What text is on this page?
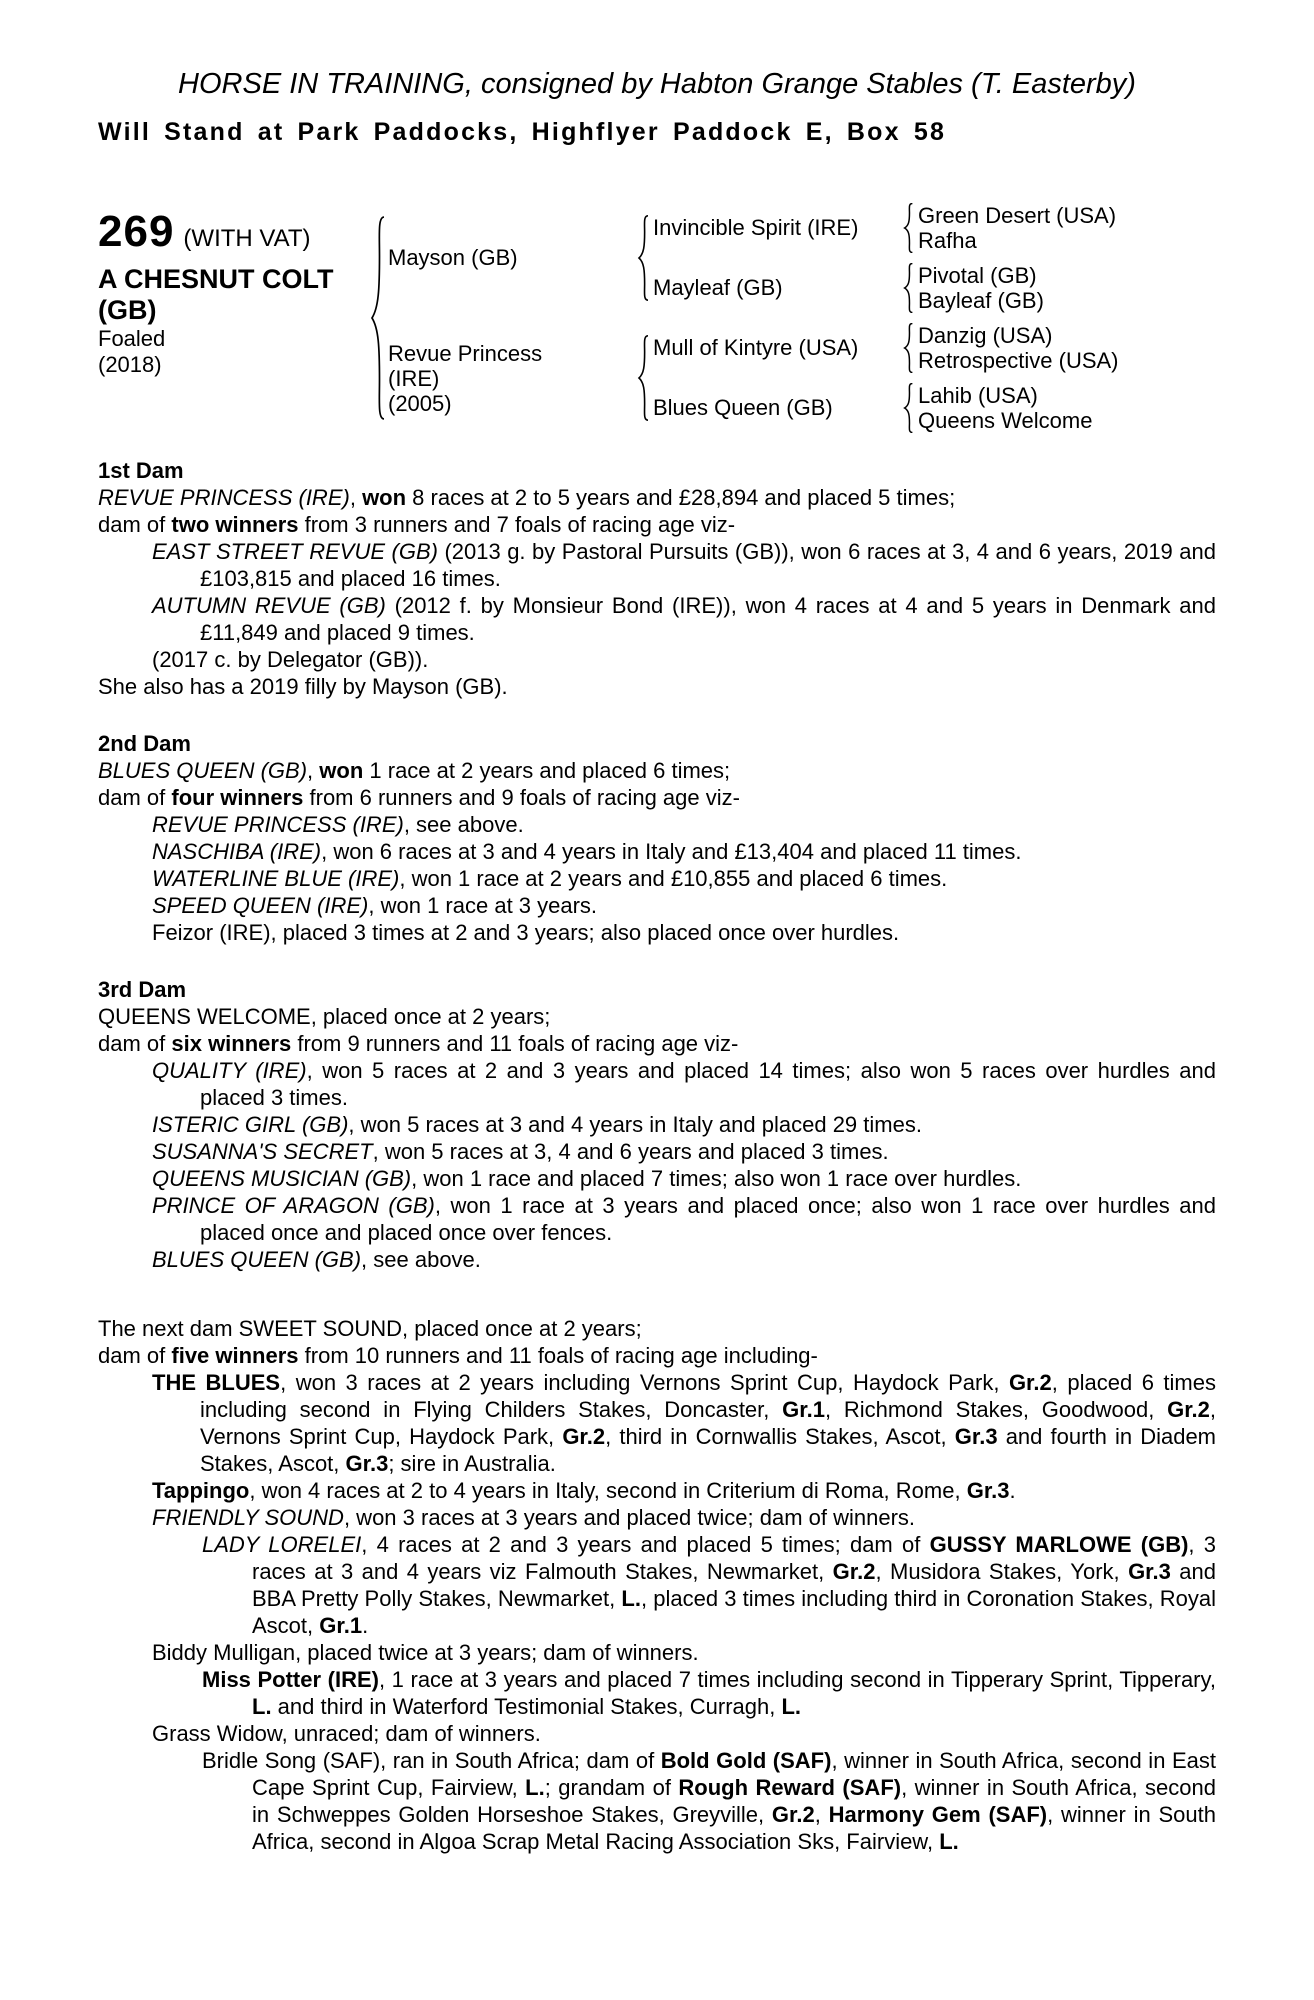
HORSE IN TRAINING, consigned by Habton Grange Stables (T. Easterby)
Will Stand at Park Paddocks, Highflyer Paddock E, Box 58
269 (WITH VAT)
A CHESNUT COLT
(GB)
Foaled
(2018)
Mayson (GB)
Revue Princess
(IRE)
(2005)
Invincible Spirit (IRE)
Mayleaf (GB)
Mull of Kintyre (USA)
Blues Queen (GB)
Green Desert (USA)
Rafha
Pivotal (GB)
Bayleaf (GB)
Danzig (USA)
Retrospective (USA)
Lahib (USA)
Queens Welcome
1st Dam
REVUE PRINCESS (IRE), won 8 races at 2 to 5 years and £28,894 and placed 5 times;
dam of two winners from 3 runners and 7 foals of racing age viz-
EAST STREET REVUE (GB) (2013 g. by Pastoral Pursuits (GB)), won 6 races at 3, 4 and 6 years, 2019 and £103,815 and placed 16 times.
AUTUMN REVUE (GB) (2012 f. by Monsieur Bond (IRE)), won 4 races at 4 and 5 years in Denmark and £11,849 and placed 9 times.
(2017 c. by Delegator (GB)).
She also has a 2019 filly by Mayson (GB).
2nd Dam
BLUES QUEEN (GB), won 1 race at 2 years and placed 6 times;
dam of four winners from 6 runners and 9 foals of racing age viz-
REVUE PRINCESS (IRE), see above.
NASCHIBA (IRE), won 6 races at 3 and 4 years in Italy and £13,404 and placed 11 times.
WATERLINE BLUE (IRE), won 1 race at 2 years and £10,855 and placed 6 times.
SPEED QUEEN (IRE), won 1 race at 3 years.
Feizor (IRE), placed 3 times at 2 and 3 years; also placed once over hurdles.
3rd Dam
QUEENS WELCOME, placed once at 2 years;
dam of six winners from 9 runners and 11 foals of racing age viz-
QUALITY (IRE), won 5 races at 2 and 3 years and placed 14 times; also won 5 races over hurdles and placed 3 times.
ISTERIC GIRL (GB), won 5 races at 3 and 4 years in Italy and placed 29 times.
SUSANNA'S SECRET, won 5 races at 3, 4 and 6 years and placed 3 times.
QUEENS MUSICIAN (GB), won 1 race and placed 7 times; also won 1 race over hurdles.
PRINCE OF ARAGON (GB), won 1 race at 3 years and placed once; also won 1 race over hurdles and placed once and placed once over fences.
BLUES QUEEN (GB), see above.
The next dam SWEET SOUND, placed once at 2 years;
dam of five winners from 10 runners and 11 foals of racing age including-
THE BLUES, won 3 races at 2 years including Vernons Sprint Cup, Haydock Park, Gr.2, placed 6 times including second in Flying Childers Stakes, Doncaster, Gr.1, Richmond Stakes, Goodwood, Gr.2, Vernons Sprint Cup, Haydock Park, Gr.2, third in Cornwallis Stakes, Ascot, Gr.3 and fourth in Diadem Stakes, Ascot, Gr.3; sire in Australia.
Tappingo, won 4 races at 2 to 4 years in Italy, second in Criterium di Roma, Rome, Gr.3.
FRIENDLY SOUND, won 3 races at 3 years and placed twice; dam of winners.
LADY LORELEI, 4 races at 2 and 3 years and placed 5 times; dam of GUSSY MARLOWE (GB), 3 races at 3 and 4 years viz Falmouth Stakes, Newmarket, Gr.2, Musidora Stakes, York, Gr.3 and BBA Pretty Polly Stakes, Newmarket, L., placed 3 times including third in Coronation Stakes, Royal Ascot, Gr.1.
Biddy Mulligan, placed twice at 3 years; dam of winners.
Miss Potter (IRE), 1 race at 3 years and placed 7 times including second in Tipperary Sprint, Tipperary, L. and third in Waterford Testimonial Stakes, Curragh, L.
Grass Widow, unraced; dam of winners.
Bridle Song (SAF), ran in South Africa; dam of Bold Gold (SAF), winner in South Africa, second in East Cape Sprint Cup, Fairview, L.; grandam of Rough Reward (SAF), winner in South Africa, second in Schweppes Golden Horseshoe Stakes, Greyville, Gr.2, Harmony Gem (SAF), winner in South Africa, second in Algoa Scrap Metal Racing Association Sks, Fairview, L.
